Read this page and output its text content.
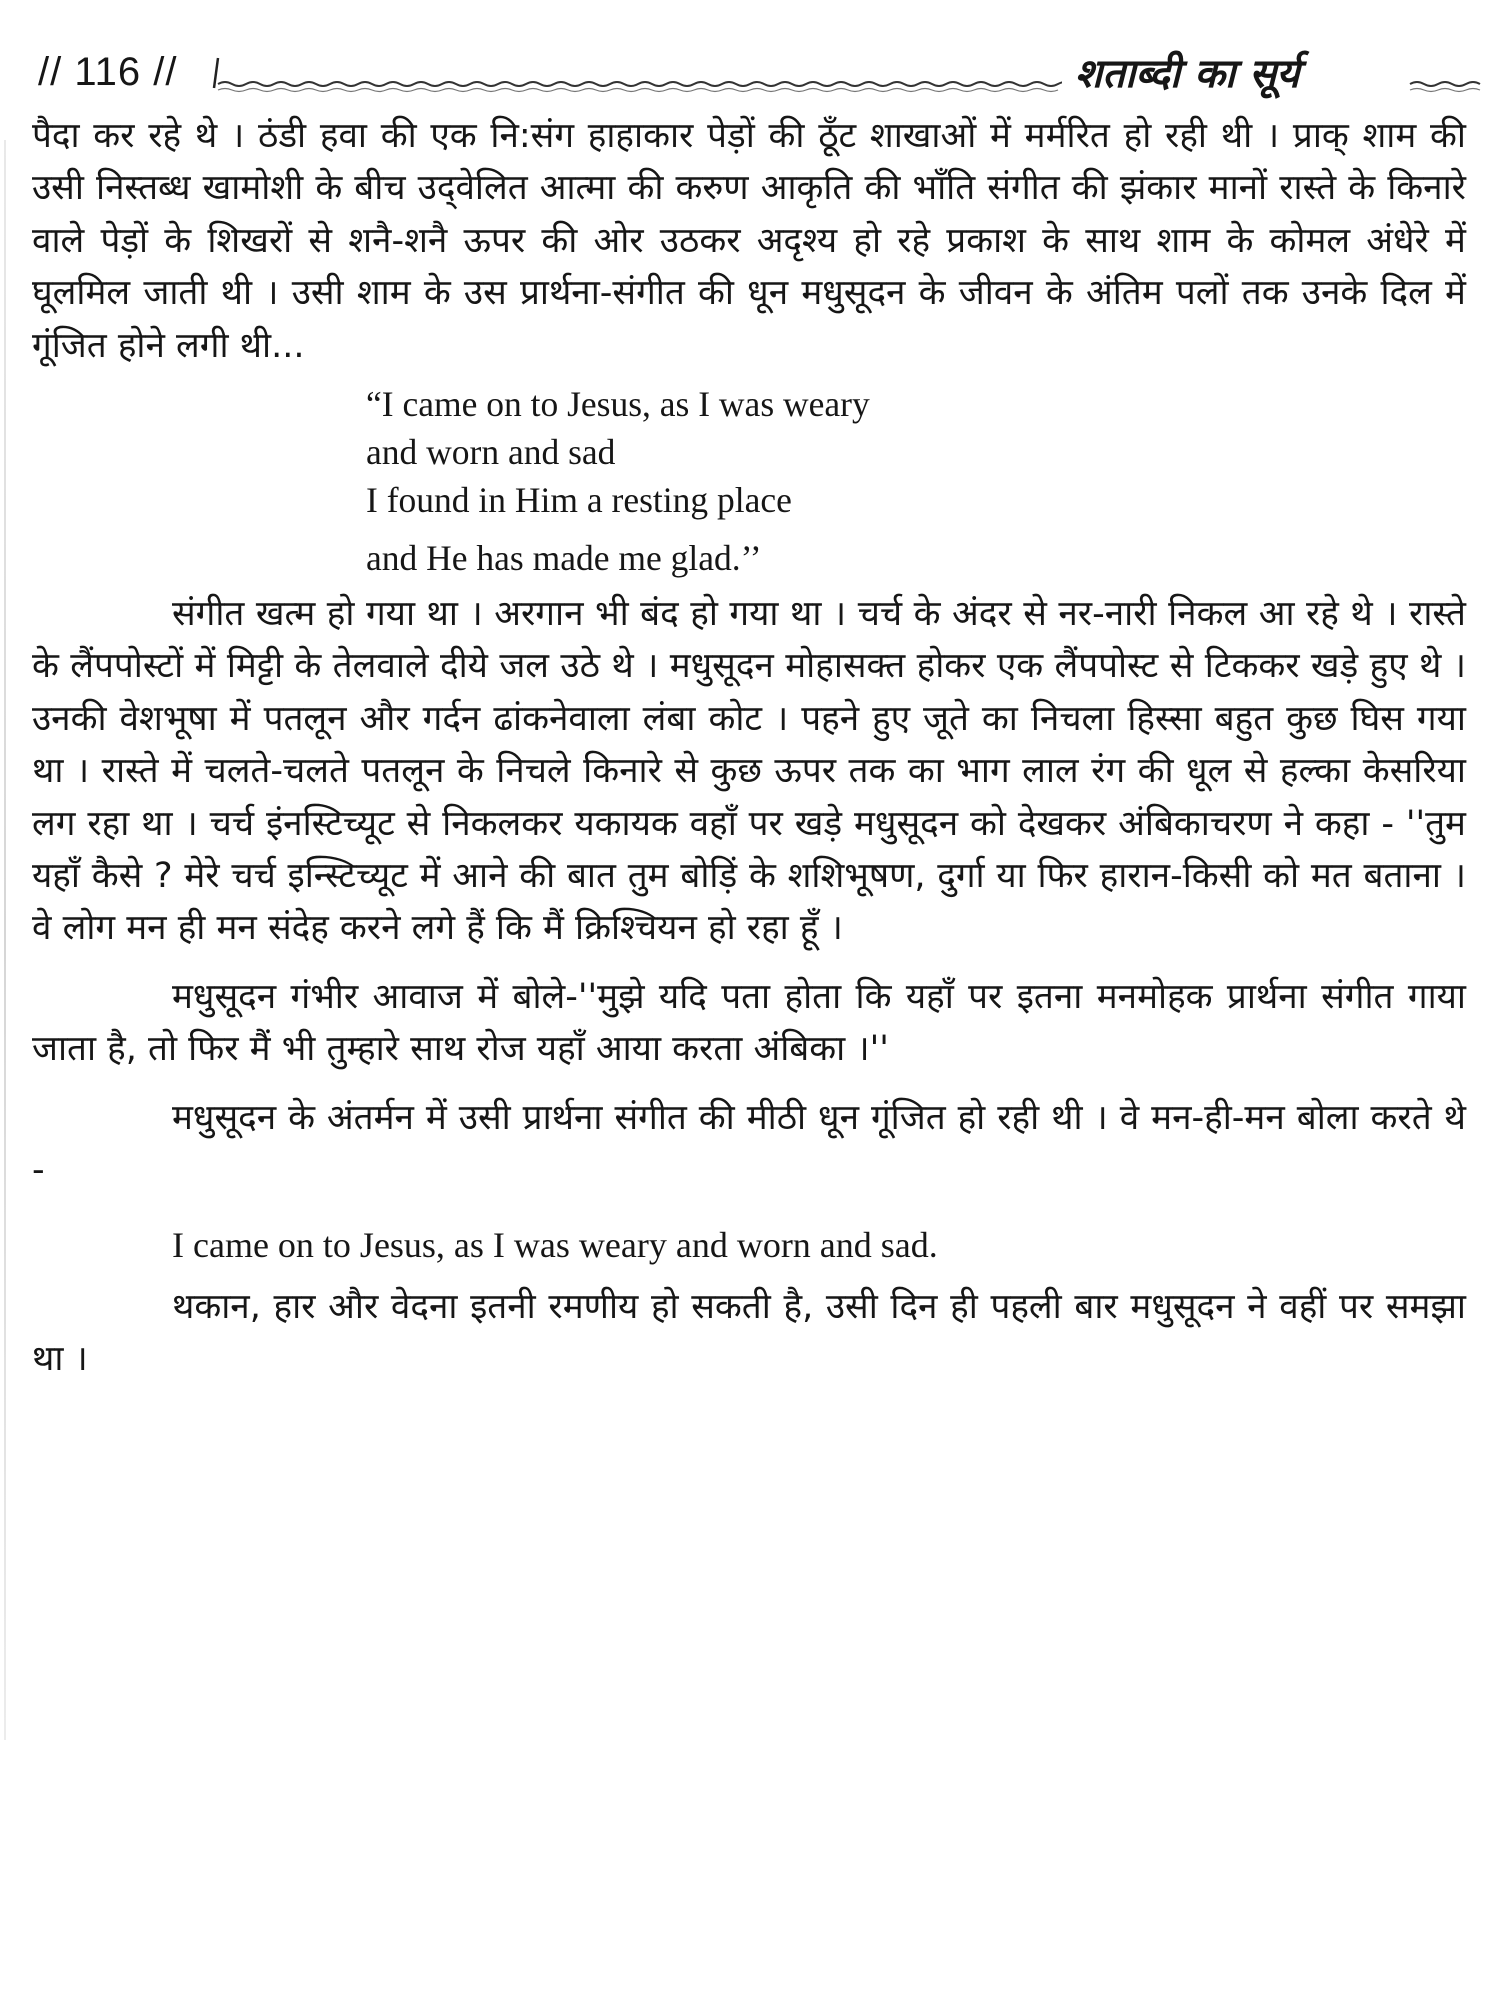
// 116 //	शताब्दी का सूर्य

पैदा कर रहे थे । ठंडी हवा की एक नि:संग हाहाकार पेड़ों की ठूँट शाखाओं में मर्मरित हो रही थी । प्राक् शाम की उसी निस्तब्ध खामोशी के बीच उद्‌वेलित आत्मा की करुण आकृति की भाँति संगीत की झंकार मानों रास्ते के किनारे वाले पेड़ों के शिखरों से शनै-शनै ऊपर की ओर उठकर अदृश्य हो रहे प्रकाश के साथ शाम के कोमल अंधेरे में घूलमिल जाती थी । उसी शाम के उस प्रार्थना-संगीत की धून मधुसूदन के जीवन के अंतिम पलों तक उनके दिल में गूंजित होने लगी थी...

“I came on to Jesus, as I was weary
and worn and sad
I found in Him a resting place
and He has made me glad.’’

संगीत खत्म हो गया था । अरगान भी बंद हो गया था । चर्च के अंदर से नर-नारी निकल आ रहे थे । रास्ते के लैंपपोस्टों में मिट्टी के तेलवाले दीये जल उठे थे । मधुसूदन मोहासक्त होकर एक लैंपपोस्ट से टिककर खड़े हुए थे । उनकी वेशभूषा में पतलून और गर्दन ढांकनेवाला लंबा कोट । पहने हुए जूते का निचला हिस्सा बहुत कुछ घिस गया था । रास्ते में चलते-चलते पतलून के निचले किनारे से कुछ ऊपर तक का भाग लाल रंग की धूल से हल्का केसरिया लग रहा था । चर्च इंनस्टिच्यूट से निकलकर यकायक वहाँ पर खड़े मधुसूदन को देखकर अंबिकाचरण ने कहा - ''तुम यहाँ कैसे ? मेरे चर्च इन्स्टिच्यूट में आने की बात तुम बोड़िं के शशिभूषण, दुर्गा या फिर हारान-किसी को मत बताना । वे लोग मन ही मन संदेह करने लगे हैं कि मैं क्रिश्चियन हो रहा हूँ ।

मधुसूदन गंभीर आवाज में बोले-''मुझे यदि पता होता कि यहाँ पर इतना मनमोहक प्रार्थना संगीत गाया जाता है, तो फिर मैं भी तुम्हारे साथ रोज यहाँ आया करता अंबिका ।''

मधुसूदन के अंतर्मन में उसी प्रार्थना संगीत की मीठी धून गूंजित हो रही थी । वे मन-ही-मन बोला करते थे -

I came on to Jesus, as I was weary and worn and sad.

थकान, हार और वेदना इतनी रमणीय हो सकती है, उसी दिन ही पहली बार मधुसूदन ने वहीं पर समझा था ।
